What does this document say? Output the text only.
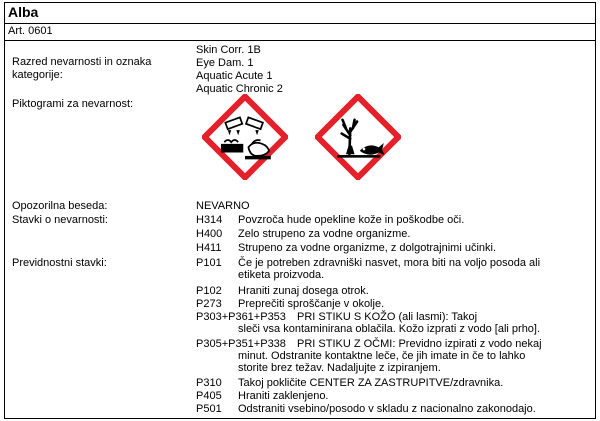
Alba
Art. 0601
Razred nevarnosti in oznaka
kategorije:
Skin Corr. 1B
Eye Dam. 1
Aquatic Acute 1
Aquatic Chronic 2
Piktogrami za nevarnost:
Opozorilna beseda:	NEVARNO
Stavki o nevarnosti:	H314 Povzroča hude opekline kože in poškodbe oči.
H400 Zelo strupeno za vodne organizme.
H411 Strupeno za vodne organizme, z dolgotrajnimi učinki.
Previdnostni stavki:	P101 Če je potreben zdravniški nasvet, mora biti na voljo posoda ali
etiketa proizvoda.
P102 Hraniti zunaj dosega otrok.
P273 Preprečiti sproščanje v okolje.
P303+P361+P353 PRI STIKU S KOŽO (ali lasmi): Takoj
sleči vsa kontaminirana oblačila. Kožo izprati z vodo [ali prho].
P305+P351+P338 PRI STIKU Z OČMI: Previdno izpirati z vodo nekaj
minut. Odstranite kontaktne leče, če jih imate in če to lahko
storite brez težav. Nadaljujte z izpiranjem.
P310 Takoj pokličite CENTER ZA ZASTRUPITVE/zdravnika.
P405 Hraniti zaklenjeno.
P501 Odstraniti vsebino/posodo v skladu z nacionalno zakonodajo.
